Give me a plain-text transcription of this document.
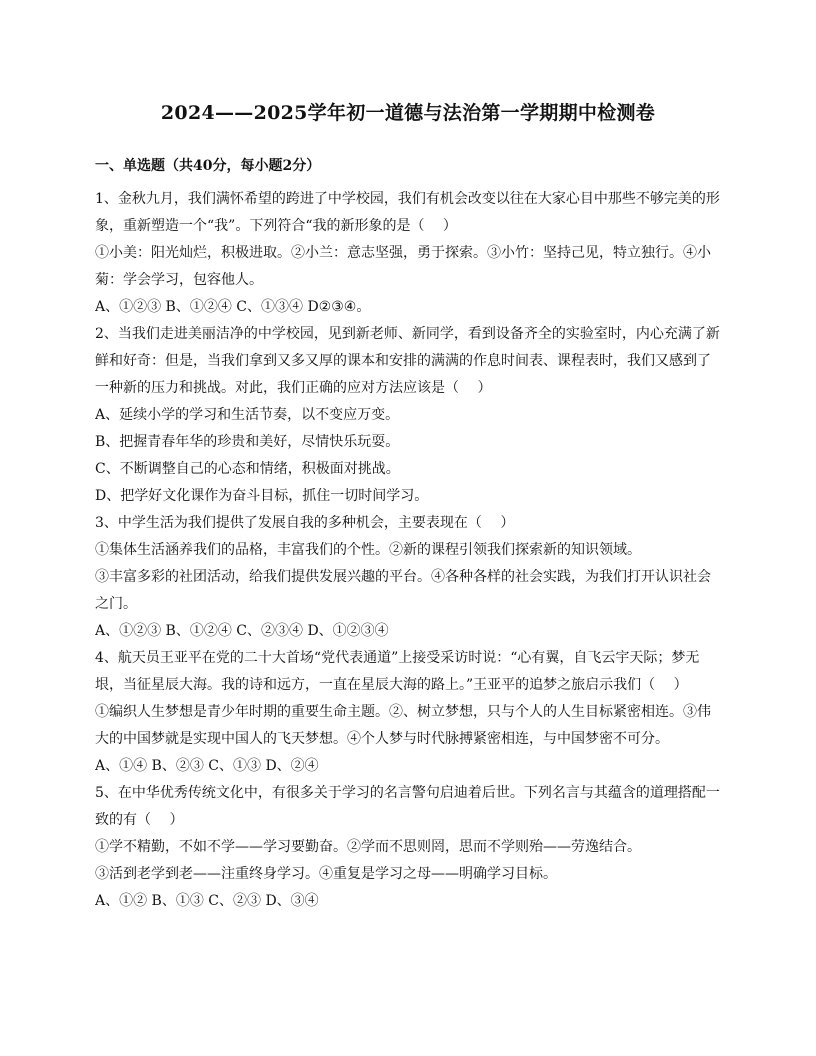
2024——2025学年初一道德与法治第一学期期中检测卷
一、单选题（共40分，每小题2分）
1、金秋九月，我们满怀希望的跨进了中学校园，我们有机会改变以往在大家心目中那些不够完美的形
象，重新塑造一个“我”。下列符合“我的新形象的是（　 ）
①小美：阳光灿烂，积极进取。②小兰：意志坚强，勇于探索。③小竹：坚持己见，特立独行。④小
菊：学会学习，包容他人。
A、①②③ B、①②④ C、①③④ D②③④。
2、当我们走进美丽洁净的中学校园，见到新老师、新同学，看到设备齐全的实验室时，内心充满了新
鲜和好奇：但是，当我们拿到又多又厚的课本和安排的满满的作息时间表、课程表时，我们又感到了
一种新的压力和挑战。对此，我们正确的应对方法应该是（　 ）
A、延续小学的学习和生活节奏，以不变应万变。
B、把握青春年华的珍贵和美好，尽情快乐玩耍。
C、不断调整自己的心态和情绪，积极面对挑战。
D、把学好文化课作为奋斗目标，抓住一切时间学习。
3、中学生活为我们提供了发展自我的多种机会，主要表现在（　 ）
①集体生活涵养我们的品格，丰富我们的个性。②新的课程引领我们探索新的知识领域。
③丰富多彩的社团活动，给我们提供发展兴趣的平台。④各种各样的社会实践，为我们打开认识社会
之门。
A、①②③ B、①②④ C、②③④ D、①②③④
4、航天员王亚平在党的二十大首场“党代表通道”上接受采访时说：“心有翼，自飞云宇天际；梦无
垠，当征星辰大海。我的诗和远方，一直在星辰大海的路上。”王亚平的追梦之旅启示我们（　 ）
①编织人生梦想是青少年时期的重要生命主题。②、树立梦想，只与个人的人生目标紧密相连。③伟
大的中国梦就是实现中国人的飞天梦想。④个人梦与时代脉搏紧密相连，与中国梦密不可分。
A、①④ B、②③ C、①③ D、②④
5、在中华优秀传统文化中，有很多关于学习的名言警句启迪着后世。下列名言与其蕴含的道理搭配一
致的有（　 ）
①学不精勤，不如不学——学习要勤奋。②学而不思则罔，思而不学则殆——劳逸结合。
③活到老学到老——注重终身学习。④重复是学习之母——明确学习目标。
A、①② B、①③ C、②③ D、③④
